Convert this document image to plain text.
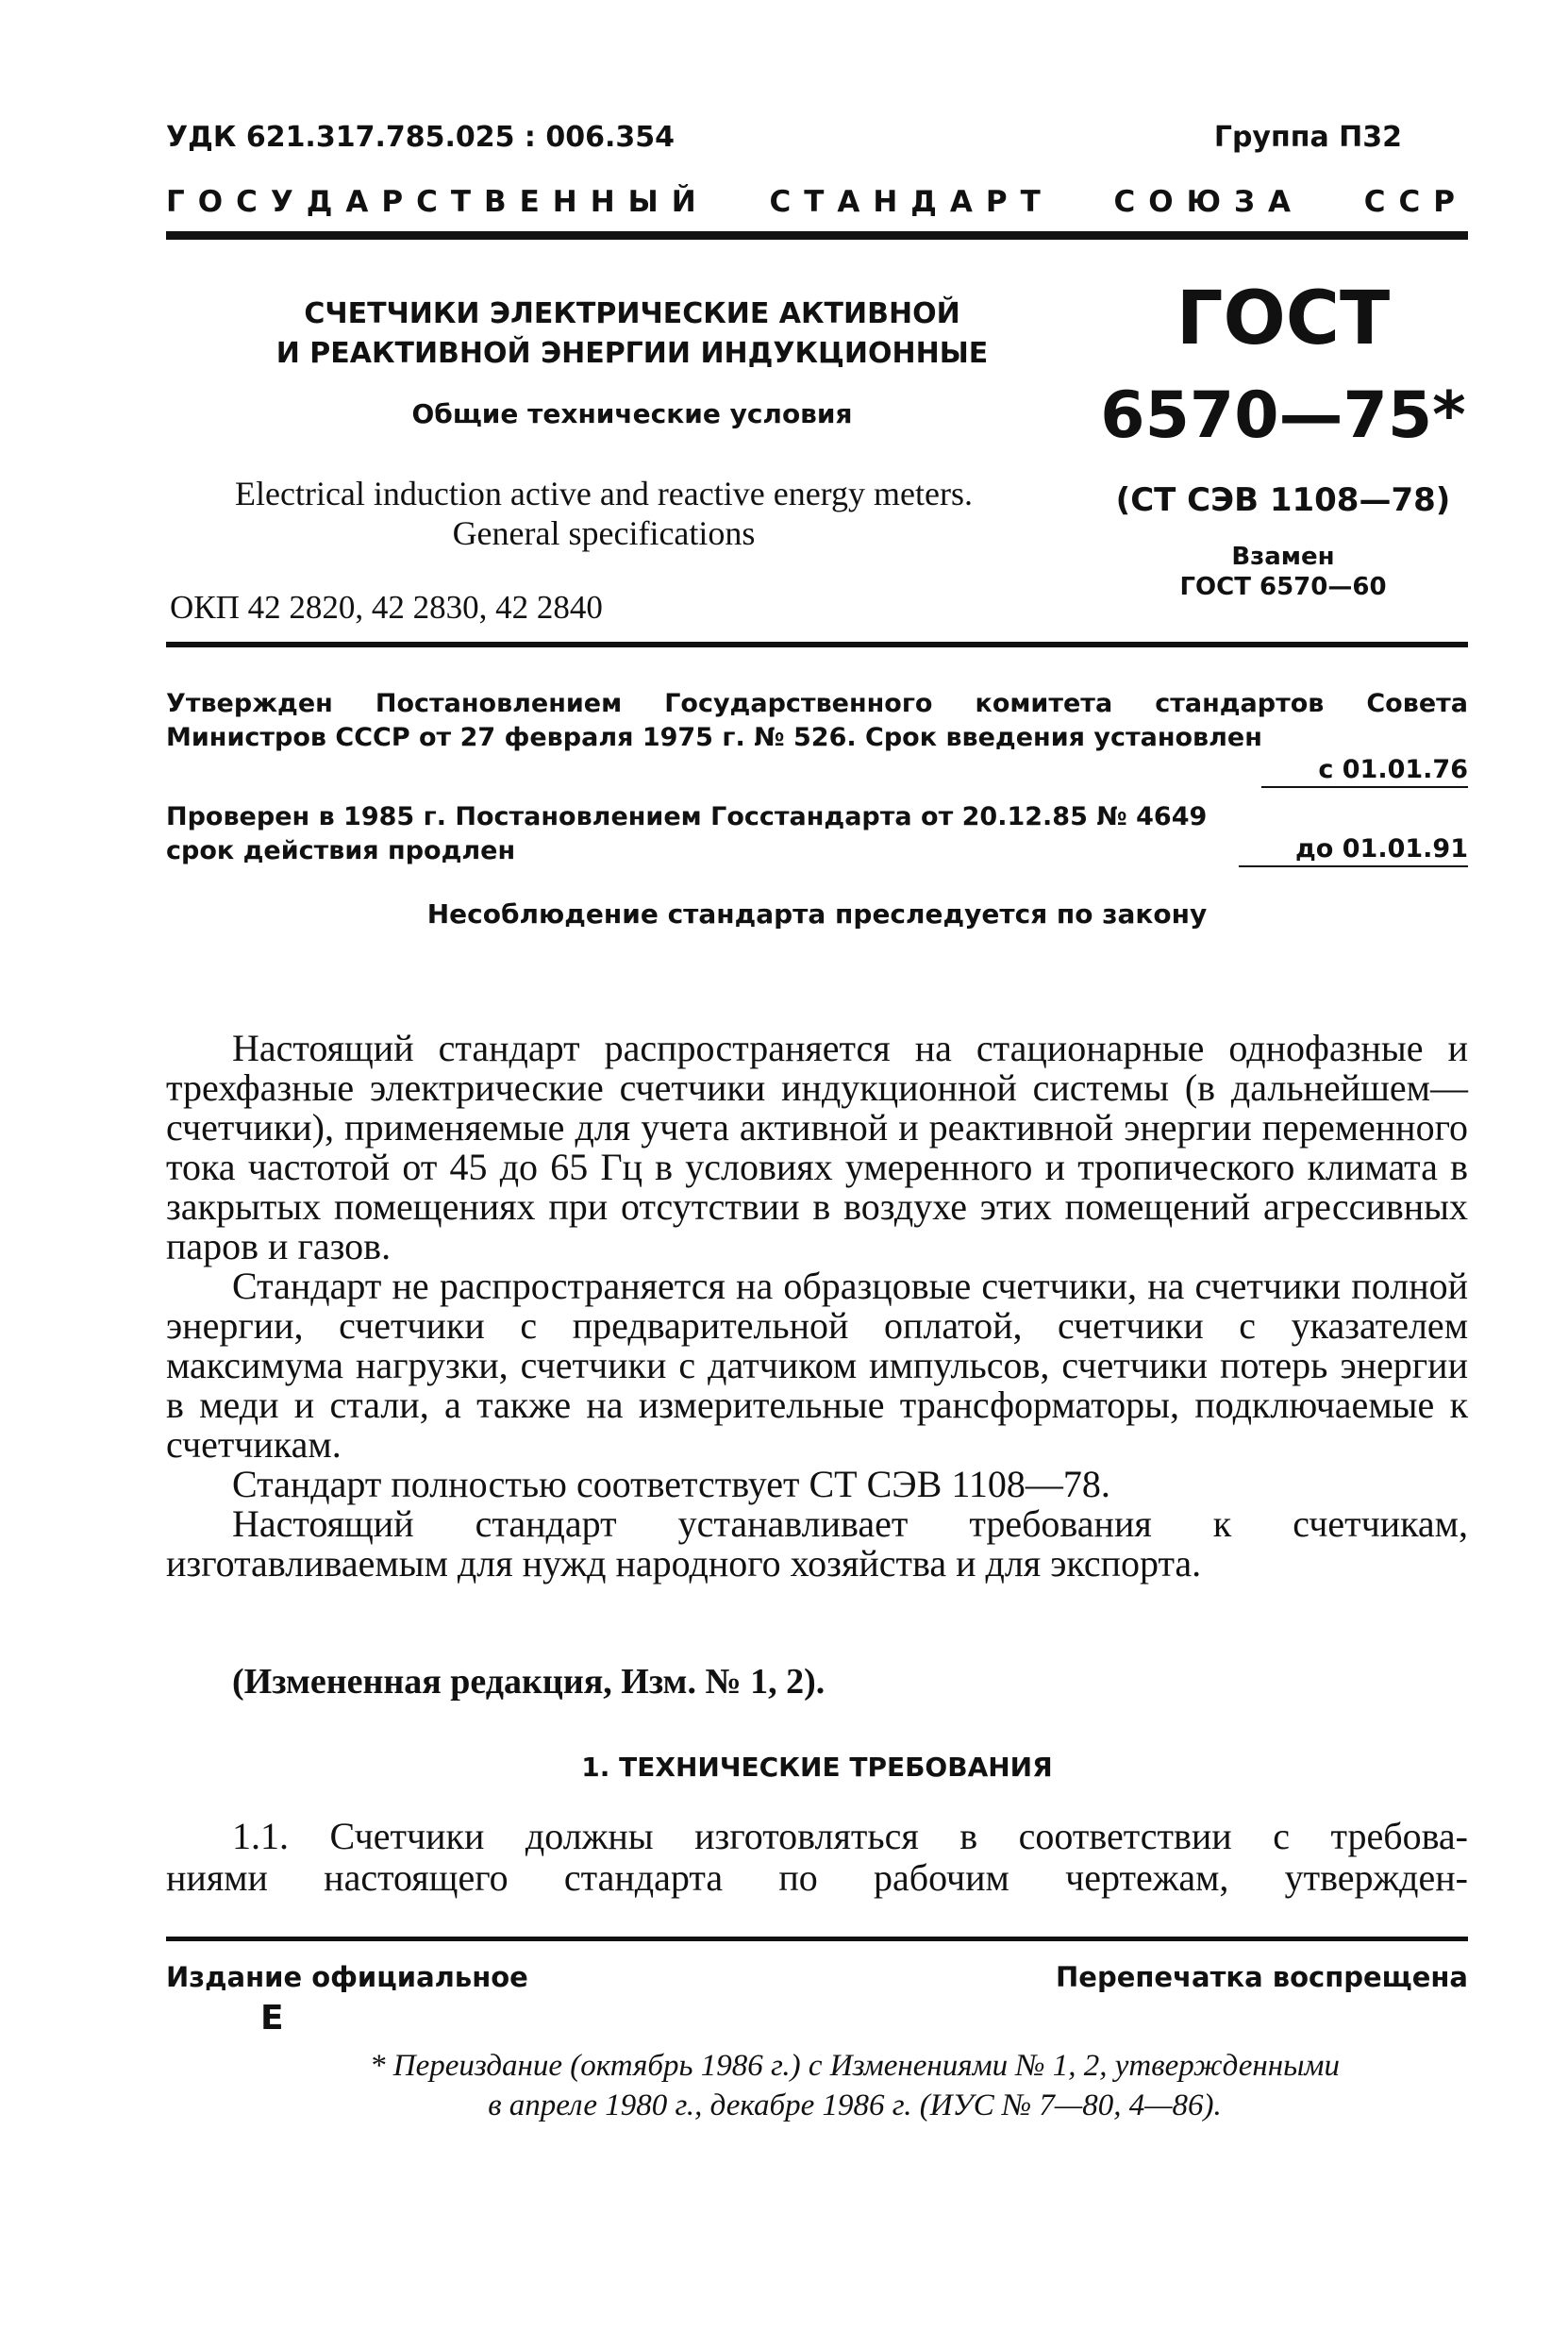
УДК 621.317.785.025 : 006.354	Группа П32
ГОСУДАРСТВЕННЫЙ СТАНДАРТ СОЮЗА ССР
СЧЕТЧИКИ ЭЛЕКТРИЧЕСКИЕ АКТИВНОЙ
И РЕАКТИВНОЙ ЭНЕРГИИ ИНДУКЦИОННЫЕ
Общие технические условия
Electrical induction active and reactive energy meters.
General specifications
ОКП 42 2820, 42 2830, 42 2840
ГОСТ
6570—75*
(СТ СЭВ 1108—78)
Взамен
ГОСТ 6570—60
Утвержден Постановлением Государственного комитета стандартов Совета Министров СССР от 27 февраля 1975 г. № 526. Срок введения установлен
с 01.01.76
Проверен в 1985 г. Постановлением Госстандарта от 20.12.85 № 4649
срок действия продлен	до 01.01.91
Несоблюдение стандарта преследуется по закону

Настоящий стандарт распространяется на стационарные однофазные и трехфазные электрические счетчики индукционной системы (в дальнейшем—счетчики), применяемые для учета активной и реактивной энергии переменного тока частотой от 45 до 65 Гц в условиях умеренного и тропического климата в закрытых помещениях при отсутствии в воздухе этих помещений агрессивных паров и газов.

Стандарт не распространяется на образцовые счетчики, на счетчики полной энергии, счетчики с предварительной оплатой, счетчики с указателем максимума нагрузки, счетчики с датчиком импульсов, счетчики потерь энергии в меди и стали, а также на измерительные трансформаторы, подключаемые к счетчикам.

Стандарт полностью соответствует СТ СЭВ 1108—78.

Настоящий стандарт устанавливает требования к счетчикам, изготавливаемым для нужд народного хозяйства и для экспорта.

(Измененная редакция, Изм. № 1, 2).
1. ТЕХНИЧЕСКИЕ ТРЕБОВАНИЯ

1.1. Счетчики должны изготовляться в соответствии с требова-

ниями настоящего стандарта по рабочим чертежам, утвержден-

Издание официальное	Перепечатка воспрещена
Е
* Переиздание (октябрь 1986 г.) с Изменениями № 1, 2, утвержденными
в апреле 1980 г., декабре 1986 г. (ИУС № 7—80, 4—86).
